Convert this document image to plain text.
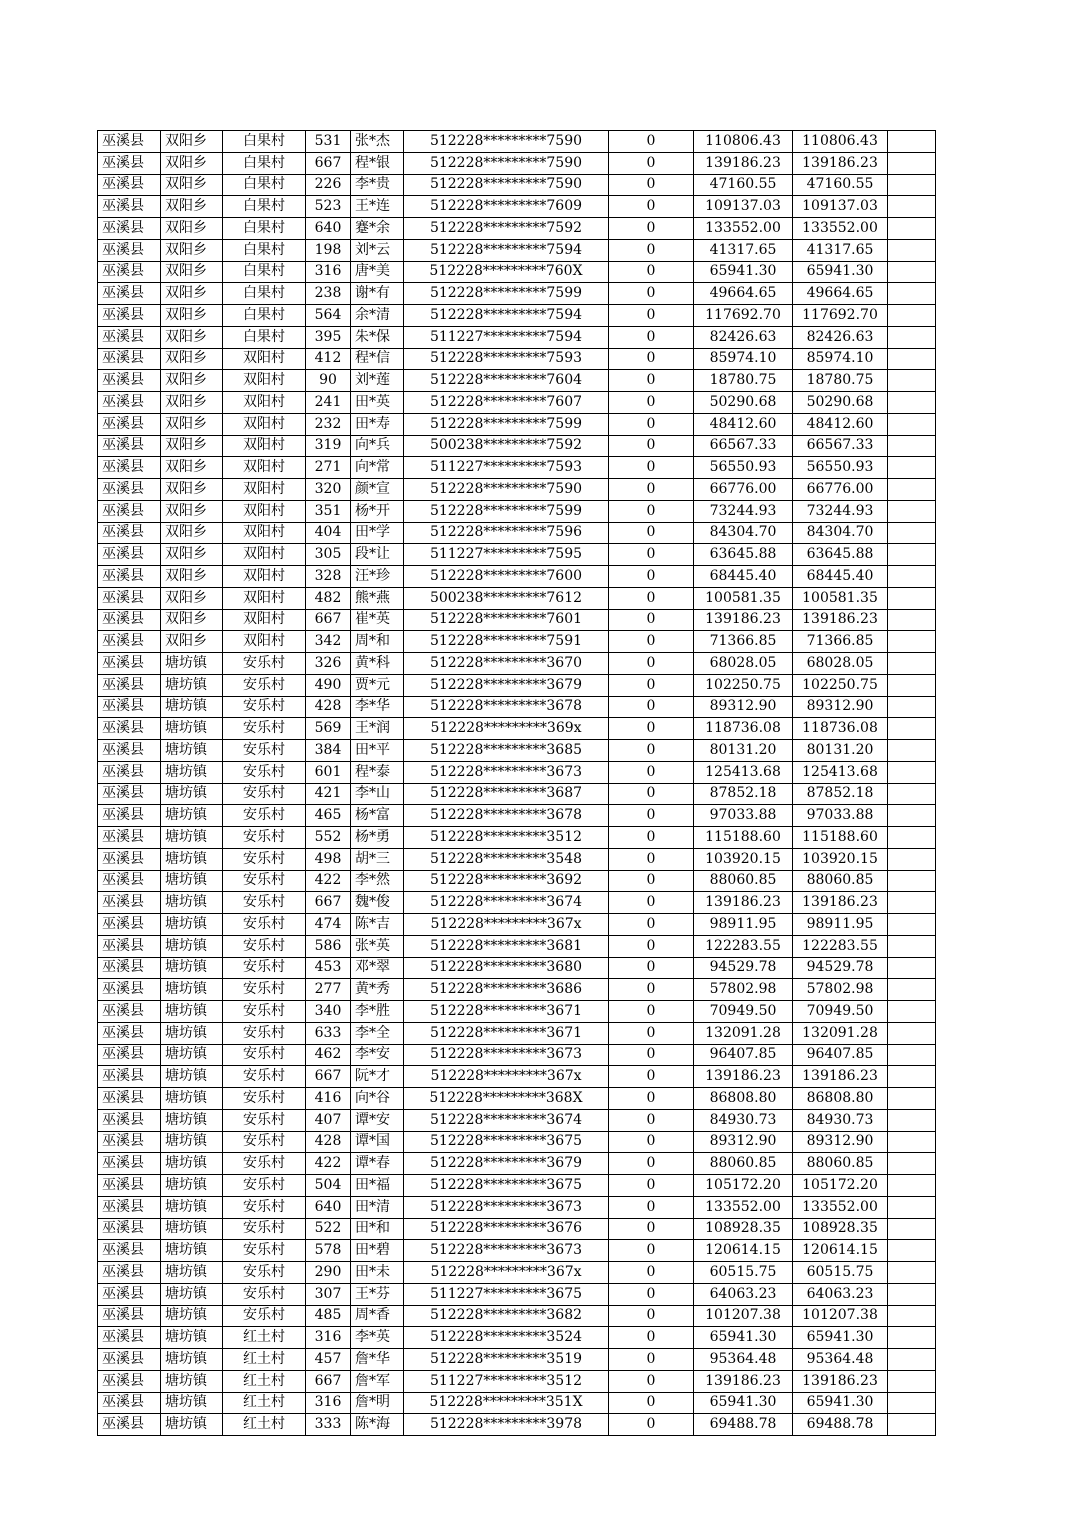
巫溪县	双阳乡	白果村	531	张*杰	512228*********7590	0	110806.43	110806.43	
巫溪县	双阳乡	白果村	667	程*银	512228*********7590	0	139186.23	139186.23	
巫溪县	双阳乡	白果村	226	李*贵	512228*********7590	0	47160.55	47160.55	
巫溪县	双阳乡	白果村	523	王*连	512228*********7609	0	109137.03	109137.03	
巫溪县	双阳乡	白果村	640	蹇*余	512228*********7592	0	133552.00	133552.00	
巫溪县	双阳乡	白果村	198	刘*云	512228*********7594	0	41317.65	41317.65	
巫溪县	双阳乡	白果村	316	唐*美	512228*********760X	0	65941.30	65941.30	
巫溪县	双阳乡	白果村	238	谢*有	512228*********7599	0	49664.65	49664.65	
巫溪县	双阳乡	白果村	564	余*清	512228*********7594	0	117692.70	117692.70	
巫溪县	双阳乡	白果村	395	朱*保	511227*********7594	0	82426.63	82426.63	
巫溪县	双阳乡	双阳村	412	程*信	512228*********7593	0	85974.10	85974.10	
巫溪县	双阳乡	双阳村	90	刘*莲	512228*********7604	0	18780.75	18780.75	
巫溪县	双阳乡	双阳村	241	田*英	512228*********7607	0	50290.68	50290.68	
巫溪县	双阳乡	双阳村	232	田*寿	512228*********7599	0	48412.60	48412.60	
巫溪县	双阳乡	双阳村	319	向*兵	500238*********7592	0	66567.33	66567.33	
巫溪县	双阳乡	双阳村	271	向*常	511227*********7593	0	56550.93	56550.93	
巫溪县	双阳乡	双阳村	320	颜*宣	512228*********7590	0	66776.00	66776.00	
巫溪县	双阳乡	双阳村	351	杨*开	512228*********7599	0	73244.93	73244.93	
巫溪县	双阳乡	双阳村	404	田*学	512228*********7596	0	84304.70	84304.70	
巫溪县	双阳乡	双阳村	305	段*让	511227*********7595	0	63645.88	63645.88	
巫溪县	双阳乡	双阳村	328	汪*珍	512228*********7600	0	68445.40	68445.40	
巫溪县	双阳乡	双阳村	482	熊*燕	500238*********7612	0	100581.35	100581.35	
巫溪县	双阳乡	双阳村	667	崔*英	512228*********7601	0	139186.23	139186.23	
巫溪县	双阳乡	双阳村	342	周*和	512228*********7591	0	71366.85	71366.85	
巫溪县	塘坊镇	安乐村	326	黄*科	512228*********3670	0	68028.05	68028.05	
巫溪县	塘坊镇	安乐村	490	贾*元	512228*********3679	0	102250.75	102250.75	
巫溪县	塘坊镇	安乐村	428	李*华	512228*********3678	0	89312.90	89312.90	
巫溪县	塘坊镇	安乐村	569	王*润	512228*********369x	0	118736.08	118736.08	
巫溪县	塘坊镇	安乐村	384	田*平	512228*********3685	0	80131.20	80131.20	
巫溪县	塘坊镇	安乐村	601	程*泰	512228*********3673	0	125413.68	125413.68	
巫溪县	塘坊镇	安乐村	421	李*山	512228*********3687	0	87852.18	87852.18	
巫溪县	塘坊镇	安乐村	465	杨*富	512228*********3678	0	97033.88	97033.88	
巫溪县	塘坊镇	安乐村	552	杨*勇	512228*********3512	0	115188.60	115188.60	
巫溪县	塘坊镇	安乐村	498	胡*三	512228*********3548	0	103920.15	103920.15	
巫溪县	塘坊镇	安乐村	422	李*然	512228*********3692	0	88060.85	88060.85	
巫溪县	塘坊镇	安乐村	667	魏*俊	512228*********3674	0	139186.23	139186.23	
巫溪县	塘坊镇	安乐村	474	陈*吉	512228*********367x	0	98911.95	98911.95	
巫溪县	塘坊镇	安乐村	586	张*英	512228*********3681	0	122283.55	122283.55	
巫溪县	塘坊镇	安乐村	453	邓*翠	512228*********3680	0	94529.78	94529.78	
巫溪县	塘坊镇	安乐村	277	黄*秀	512228*********3686	0	57802.98	57802.98	
巫溪县	塘坊镇	安乐村	340	李*胜	512228*********3671	0	70949.50	70949.50	
巫溪县	塘坊镇	安乐村	633	李*全	512228*********3671	0	132091.28	132091.28	
巫溪县	塘坊镇	安乐村	462	李*安	512228*********3673	0	96407.85	96407.85	
巫溪县	塘坊镇	安乐村	667	阮*才	512228*********367x	0	139186.23	139186.23	
巫溪县	塘坊镇	安乐村	416	向*谷	512228*********368X	0	86808.80	86808.80	
巫溪县	塘坊镇	安乐村	407	谭*安	512228*********3674	0	84930.73	84930.73	
巫溪县	塘坊镇	安乐村	428	谭*国	512228*********3675	0	89312.90	89312.90	
巫溪县	塘坊镇	安乐村	422	谭*春	512228*********3679	0	88060.85	88060.85	
巫溪县	塘坊镇	安乐村	504	田*福	512228*********3675	0	105172.20	105172.20	
巫溪县	塘坊镇	安乐村	640	田*清	512228*********3673	0	133552.00	133552.00	
巫溪县	塘坊镇	安乐村	522	田*和	512228*********3676	0	108928.35	108928.35	
巫溪县	塘坊镇	安乐村	578	田*碧	512228*********3673	0	120614.15	120614.15	
巫溪县	塘坊镇	安乐村	290	田*未	512228*********367x	0	60515.75	60515.75	
巫溪县	塘坊镇	安乐村	307	王*芬	511227*********3675	0	64063.23	64063.23	
巫溪县	塘坊镇	安乐村	485	周*香	512228*********3682	0	101207.38	101207.38	
巫溪县	塘坊镇	红土村	316	李*英	512228*********3524	0	65941.30	65941.30	
巫溪县	塘坊镇	红土村	457	詹*华	512228*********3519	0	95364.48	95364.48	
巫溪县	塘坊镇	红土村	667	詹*军	511227*********3512	0	139186.23	139186.23	
巫溪县	塘坊镇	红土村	316	詹*明	512228*********351X	0	65941.30	65941.30	
巫溪县	塘坊镇	红土村	333	陈*海	512228*********3978	0	69488.78	69488.78	
